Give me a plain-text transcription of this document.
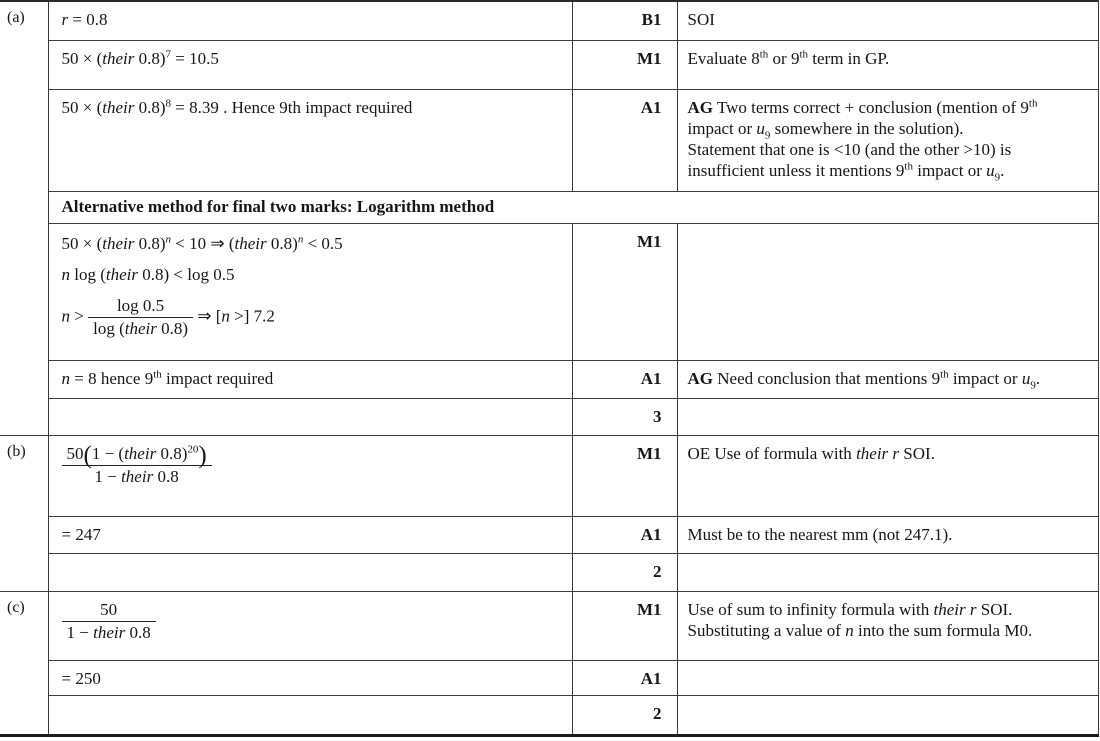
(a)	r = 0.8	B1	SOI
	50 × (their 0.8)$^7$ = 10.5	M1	Evaluate 8th or 9th term in GP.
	50 × (their 0.8)$^8$ = 8.39 . Hence 9th impact required	A1	AG Two terms correct + conclusion (mention of 9th impact or $u_9$ somewhere in the solution).
Statement that one is <10 (and the other >10) is insufficient unless it mentions 9th impact or $u_9$.
	Alternative method for final two marks: Logarithm method		

50 × (their 0.8)$^n$ < 10 ⇒ (their 0.8)$^n$ < 0.5
n log (their 0.8) < log 0.5
$n > \frac{\log 0.5}{\text{log (their 0.8)}}$ ⇒ [n >] 7.2
	M1	
	n = 8 hence 9th impact required	A1	AG Need conclusion that mentions 9th impact or $u_9$.
		3	
(b)	$\frac{50(1 - (their 0.8)^{20})}{\text{1 − their 0.8}}$	M1	OE Use of formula with their r SOI.
	= 247	A1	Must be to the nearest mm (not 247.1).
		2	
(c)	$\frac{50}{\text{1 − their 0.8}}$	M1	Use of sum to infinity formula with their r SOI.
Substituting a value of n into the sum formula M0.
	= 250	A1	
		2	
